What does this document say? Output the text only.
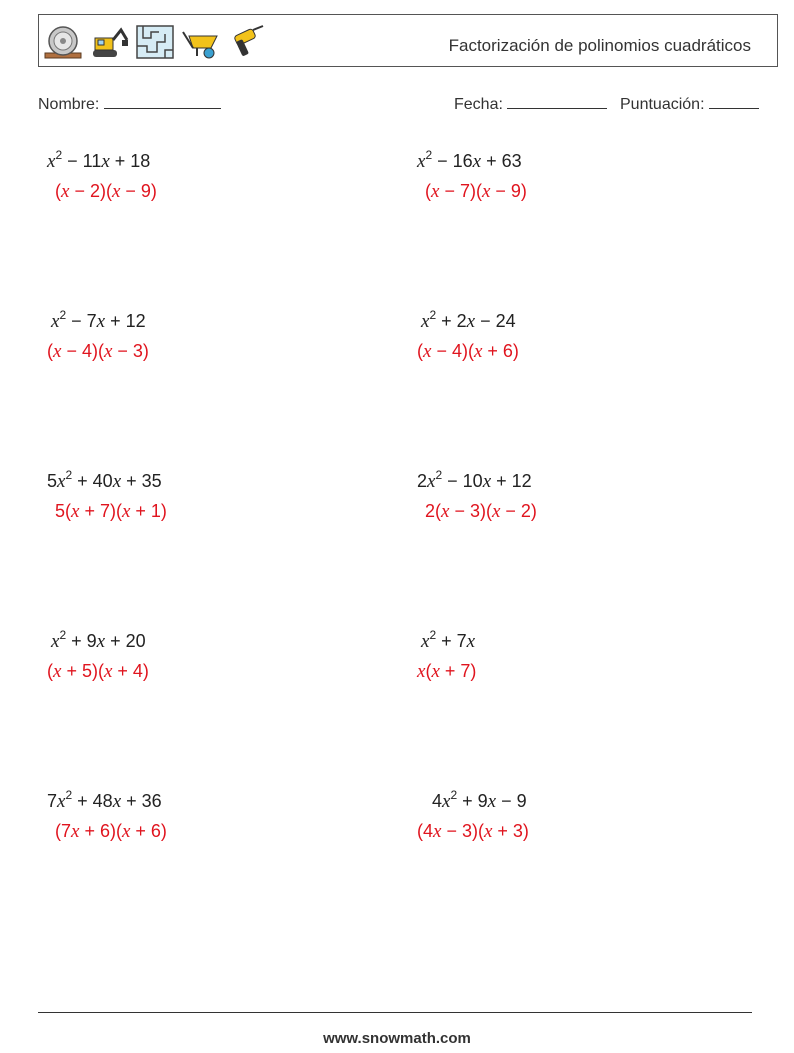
Factorización de polinomios cuadráticos
Nombre:	Fecha:	Puntuación:
$x^2 - 11x + 18$
(x − 2)(x − 9)
$x^2 - 16x + 63$
(x − 7)(x − 9)
$x^2 - 7x + 12$
(x − 4)(x − 3)
$x^2 + 2x - 24$
(x − 4)(x + 6)
$5x^2 + 40x + 35$
5(x + 7)(x + 1)
$2x^2 - 10x + 12$
2(x − 3)(x − 2)
$x^2 + 9x + 20$
(x + 5)(x + 4)
$x^2 + 7x$
x(x + 7)
$7x^2 + 48x + 36$
(7x + 6)(x + 6)
$4x^2 + 9x - 9$
(4x − 3)(x + 3)
www.snowmath.com
